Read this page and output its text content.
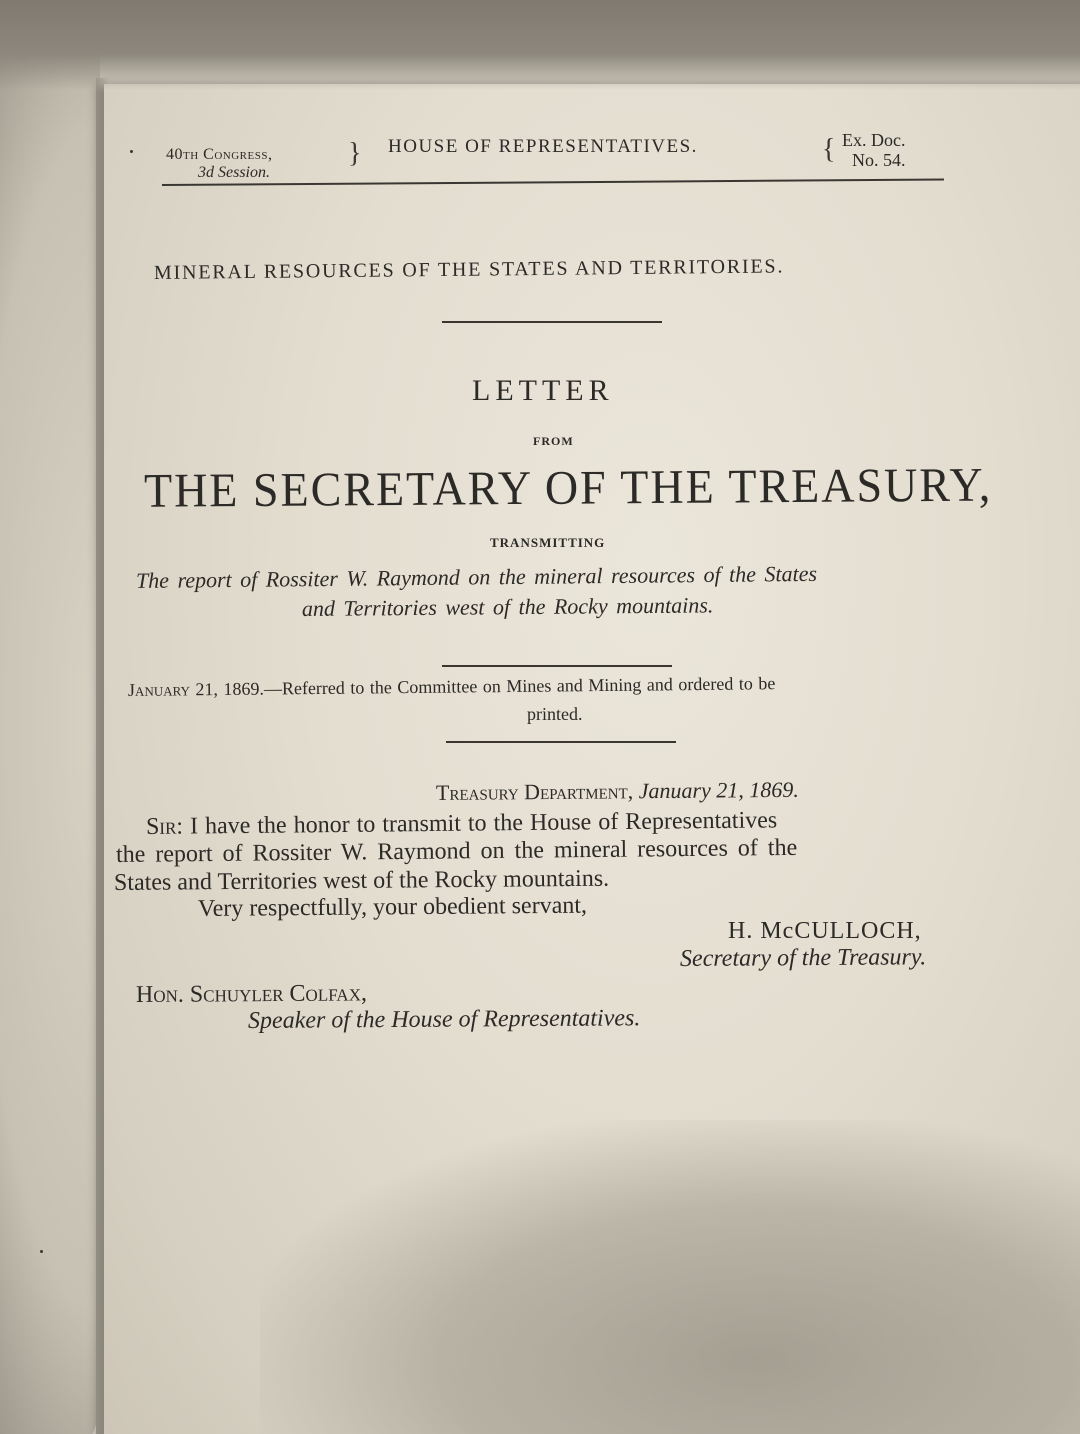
40th Congress,
3d Session.
} HOUSE OF REPRESENTATIVES.	{ Ex. Doc.
No. 54.
MINERAL RESOURCES OF THE STATES AND TERRITORIES.
LETTER
FROM
THE SECRETARY OF THE TREASURY,
TRANSMITTING
The report of Rossiter W. Raymond on the mineral resources of the States
and Territories west of the Rocky mountains.
January 21, 1869.—Referred to the Committee on Mines and Mining and ordered to be
printed.
Treasury Department, January 21, 1869.
Sir: I have the honor to transmit to the House of Representatives
the report of Rossiter W. Raymond on the mineral resources of the
States and Territories west of the Rocky mountains.
Very respectfully, your obedient servant,
H. McCULLOCH,
Secretary of the Treasury.
Hon. Schuyler Colfax,
Speaker of the House of Representatives.
